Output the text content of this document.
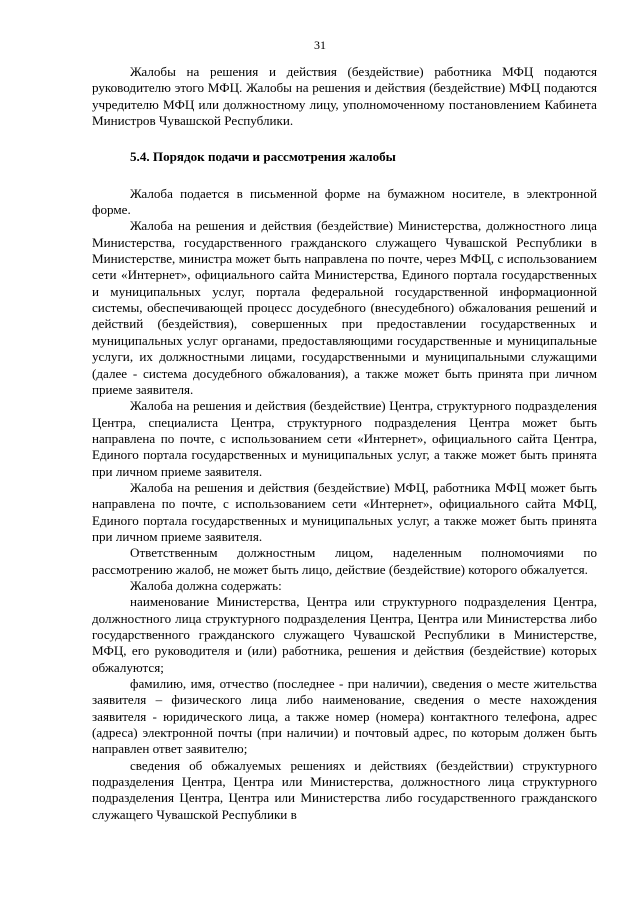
31

Жалобы на решения и действия (бездействие) работника МФЦ подаются руководителю этого МФЦ. Жалобы на решения и действия (бездействие) МФЦ подаются учредителю МФЦ или должностному лицу, уполномоченному постановлением Кабинета Министров Чувашской Республики.

5.4. Порядок подачи и рассмотрения жалобы

Жалоба подается в письменной форме на бумажном носителе, в электронной форме.

Жалоба на решения и действия (бездействие) Министерства, должностного лица Министерства, государственного гражданского служащего Чувашской Республики в Министерстве, министра может быть направлена по почте, через МФЦ, с использованием сети «Интернет», официального сайта Министерства, Единого портала государственных и муниципальных услуг, портала федеральной государственной информационной системы, обеспечивающей процесс досудебного (внесудебного) обжалования решений и действий (бездействия), совершенных при предоставлении государственных и муниципальных услуг органами, предоставляющими государственные и муниципальные услуги, их должностными лицами, государственными и муниципальными служащими (далее - система досудебного обжалования), а также может быть принята при личном приеме заявителя.

Жалоба на решения и действия (бездействие) Центра, структурного подразделения Центра, специалиста Центра, структурного подразделения Центра может быть направлена по почте, с использованием сети «Интернет», официального сайта Центра, Единого портала государственных и муниципальных услуг, а также может быть принята при личном приеме заявителя.

Жалоба на решения и действия (бездействие) МФЦ, работника МФЦ может быть направлена по почте, с использованием сети «Интернет», официального сайта МФЦ, Единого портала государственных и муниципальных услуг, а также может быть принята при личном приеме заявителя.

Ответственным должностным лицом, наделенным полномочиями по рассмотрению жалоб, не может быть лицо, действие (бездействие) которого обжалуется.

Жалоба должна содержать:

наименование Министерства, Центра или структурного подразделения Центра, должностного лица структурного подразделения Центра, Центра или Министерства либо государственного гражданского служащего Чувашской Республики в Министерстве, МФЦ, его руководителя и (или) работника, решения и действия (бездействие) которых обжалуются;

фамилию, имя, отчество (последнее - при наличии), сведения о месте жительства заявителя – физического лица либо наименование, сведения о месте нахождения заявителя - юридического лица, а также номер (номера) контактного телефона, адрес (адреса) электронной почты (при наличии) и почтовый адрес, по которым должен быть направлен ответ заявителю;

сведения об обжалуемых решениях и действиях (бездействии) структурного подразделения Центра, Центра или Министерства, должностного лица структурного подразделения Центра, Центра или Министерства либо государственного гражданского служащего Чувашской Республики в
